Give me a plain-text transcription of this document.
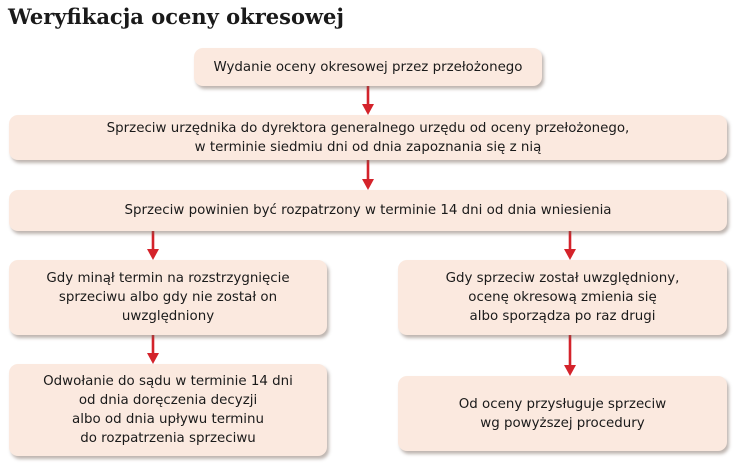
Weryfikacja oceny okresowej
Wydanie oceny okresowej przez przełożonego
Sprzeciw urzędnika do dyrektora generalnego urzędu od oceny przełożonego,
w terminie siedmiu dni od dnia zapoznania się z nią
Sprzeciw powinien być rozpatrzony w terminie 14 dni od dnia wniesienia
Gdy minął termin na rozstrzygnięcie
sprzeciwu albo gdy nie został on
uwzględniony
Gdy sprzeciw został uwzględniony,
ocenę okresową zmienia się
albo sporządza po raz drugi
Odwołanie do sądu w terminie 14 dni
od dnia doręczenia decyzji
albo od dnia upływu terminu
do rozpatrzenia sprzeciwu
Od oceny przysługuje sprzeciw
wg powyższej procedury
